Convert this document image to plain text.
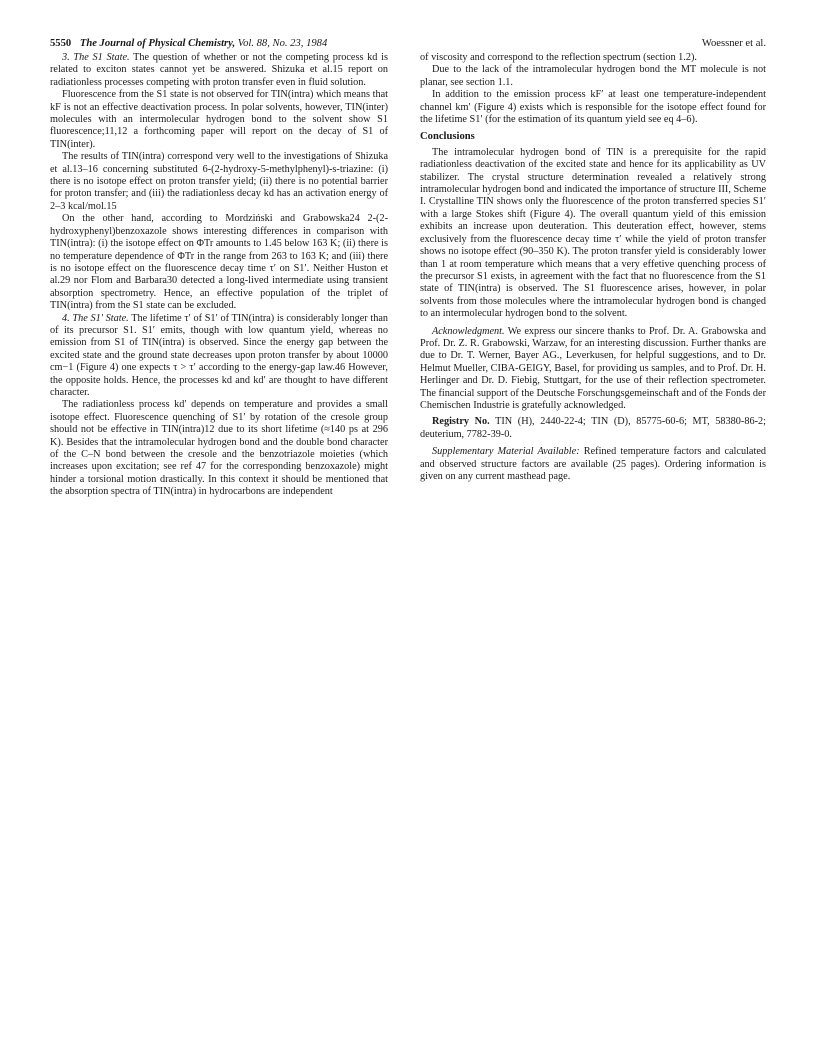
5550 The Journal of Physical Chemistry, Vol. 88, No. 23, 1984	Woessner et al.

3. The S1 State. The question of whether or not the competing process kd is related to exciton states cannot yet be answered. Shizuka et al.15 report on radiationless processes competing with proton transfer even in fluid solution.

Fluorescence from the S1 state is not observed for TIN(intra) which means that kF is not an effective deactivation process. In polar solvents, however, TIN(inter) molecules with an intermolecular hydrogen bond to the solvent show S1 fluorescence;11,12 a forthcoming paper will report on the decay of S1 of TIN(inter).

The results of TIN(intra) correspond very well to the investigations of Shizuka et al.13–16 concerning substituted 6-(2-hydroxy-5-methylphenyl)-s-triazine: (i) there is no isotope effect on proton transfer yield; (ii) there is no potential barrier for proton transfer; and (iii) the radiationless decay kd has an activation energy of 2–3 kcal/mol.15

On the other hand, according to Mordziński and Grabowska24 2-(2-hydroxyphenyl)benzoxazole shows interesting differences in comparison with TIN(intra): (i) the isotope effect on ΦTr amounts to 1.45 below 163 K; (ii) there is no temperature dependence of ΦTr in the range from 263 to 163 K; and (iii) there is no isotope effect on the fluorescence decay time τ′ on S1′. Neither Huston et al.29 nor Flom and Barbara30 detected a long-lived intermediate using transient absorption spectrometry. Hence, an effective population of the triplet of TIN(intra) from the S1 state can be excluded.

4. The S1′ State. The lifetime τ′ of S1′ of TIN(intra) is considerably longer than of its precursor S1. S1′ emits, though with low quantum yield, whereas no emission from S1 of TIN(intra) is observed. Since the energy gap between the excited state and the ground state decreases upon proton transfer by about 10000 cm−1 (Figure 4) one expects τ > τ′ according to the energy-gap law.46 However, the opposite holds. Hence, the processes kd and kd′ are thought to have different character.

The radiationless process kd′ depends on temperature and provides a small isotope effect. Fluorescence quenching of S1′ by rotation of the cresole group should not be effective in TIN(intra)12 due to its short lifetime (≈140 ps at 296 K). Besides that the intramolecular hydrogen bond and the double bond character of the C–N bond between the cresole and the benzotriazole moieties (which increases upon excitation; see ref 47 for the corresponding benzoxazole) might hinder a torsional motion drastically. In this context it should be mentioned that the absorption spectra of TIN(intra) in hydrocarbons are independent

of viscosity and correspond to the reflection spectrum (section 1.2).

Due to the lack of the intramolecular hydrogen bond the MT molecule is not planar, see section 1.1.

In addition to the emission process kF′ at least one temperature-independent channel km′ (Figure 4) exists which is responsible for the isotope effect found for the lifetime S1′ (for the estimation of its quantum yield see eq 4–6).

Conclusions

The intramolecular hydrogen bond of TIN is a prerequisite for the rapid radiationless deactivation of the excited state and hence for its applicability as UV stabilizer. The crystal structure determination revealed a relatively strong intramolecular hydrogen bond and indicated the importance of structure III, Scheme I. Crystalline TIN shows only the fluorescence of the proton transferred species S1′ with a large Stokes shift (Figure 4). The overall quantum yield of this emission exhibits an increase upon deuteration. This deuteration effect, however, stems exclusively from the fluorescence decay time τ′ while the yield of proton transfer shows no isotope effect (90–350 K). The proton transfer yield is considerably lower than 1 at room temperature which means that a very effetive quenching process of the precursor S1 exists, in agreement with the fact that no fluorescence from the S1 state of TIN(intra) is observed. The S1 fluorescence arises, however, in polar solvents from those molecules where the intramolecular hydrogen bond is changed to an intermolecular hydrogen bond to the solvent.

Acknowledgment. We express our sincere thanks to Prof. Dr. A. Grabowska and Prof. Dr. Z. R. Grabowski, Warzaw, for an interesting discussion. Further thanks are due to Dr. T. Werner, Bayer AG., Leverkusen, for helpful suggestions, and to Dr. Helmut Mueller, CIBA-GEIGY, Basel, for providing us samples, and to Prof. Dr. H. Herlinger and Dr. D. Fiebig, Stuttgart, for the use of their reflection spectrometer. The financial support of the Deutsche Forschungsgemeinschaft and of the Fonds der Chemischen Industrie is gratefully acknowledged.

Registry No. TIN (H), 2440-22-4; TIN (D), 85775-60-6; MT, 58380-86-2; deuterium, 7782-39-0.

Supplementary Material Available: Refined temperature factors and calculated and observed structure factors are available (25 pages). Ordering information is given on any current masthead page.
